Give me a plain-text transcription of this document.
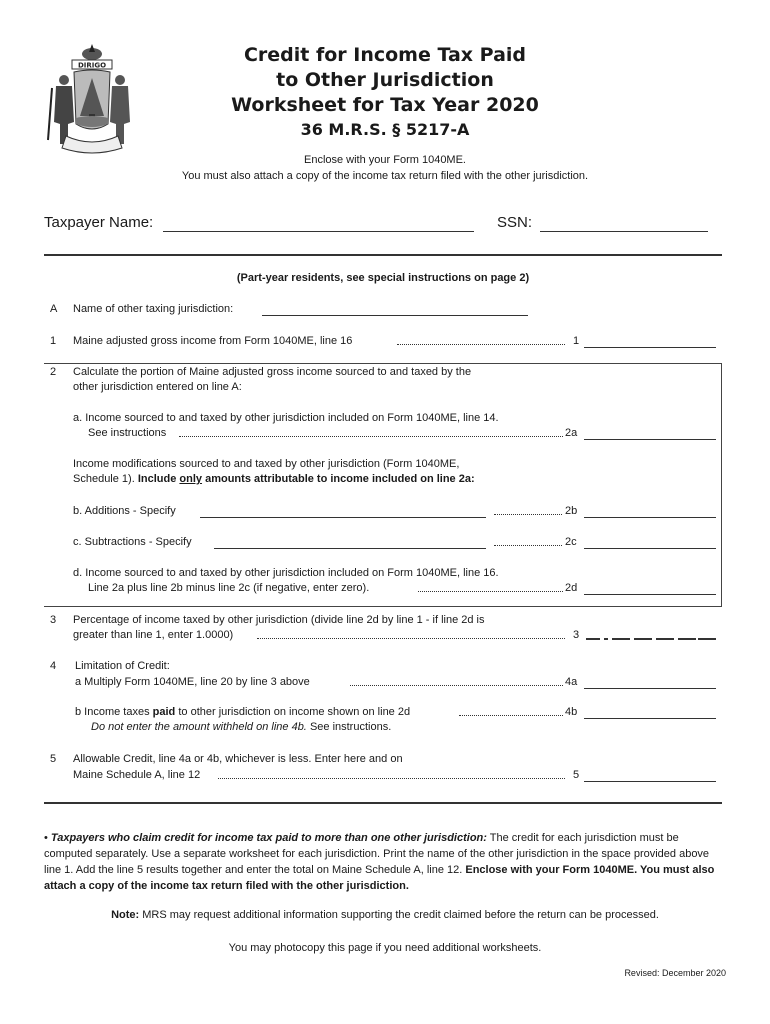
DIRIGO	Credit for Income Tax Paid
to Other Jurisdiction
Worksheet for Tax Year 2020
36 M.R.S. § 5217-A
Enclose with your Form 1040ME.
You must also attach a copy of the income tax return filed with the other jurisdiction.
Taxpayer Name:	SSN:
(Part-year residents, see special instructions on page 2)
A Name of other taxing jurisdiction:
1 Maine adjusted gross income from Form 1040ME, line 16	1
2 Calculate the portion of Maine adjusted gross income sourced to and taxed by the
other jurisdiction entered on line A:
a. Income sourced to and taxed by other jurisdiction included on Form 1040ME, line 14.
See instructions	2a
Income modifications sourced to and taxed by other jurisdiction (Form 1040ME,
Schedule 1). Include only amounts attributable to income included on line 2a:
b. Additions - Specify	2b
c. Subtractions - Specify	2c
d. Income sourced to and taxed by other jurisdiction included on Form 1040ME, line 16.
Line 2a plus line 2b minus line 2c (if negative, enter zero).	2d
3 Percentage of income taxed by other jurisdiction (divide line 2d by line 1 - if line 2d is
greater than line 1, enter 1.0000)	3
4 Limitation of Credit:
a Multiply Form 1040ME, line 20 by line 3 above	4a
b Income taxes paid to other jurisdiction on income shown on line 2d	4b
Do not enter the amount withheld on line 4b. See instructions.
5 Allowable Credit, line 4a or 4b, whichever is less. Enter here and on
Maine Schedule A, line 12	5
• Taxpayers who claim credit for income tax paid to more than one other jurisdiction: The credit for each jurisdiction must be computed separately. Use a separate worksheet for each jurisdiction. Print the name of the other jurisdiction in the space provided above line 1. Add the line 5 results together and enter the total on Maine Schedule A, line 12. Enclose with your Form 1040ME. You must also attach a copy of the income tax return filed with the other jurisdiction.
Note: MRS may request additional information supporting the credit claimed before the return can be processed.
You may photocopy this page if you need additional worksheets.
Revised: December 2020
